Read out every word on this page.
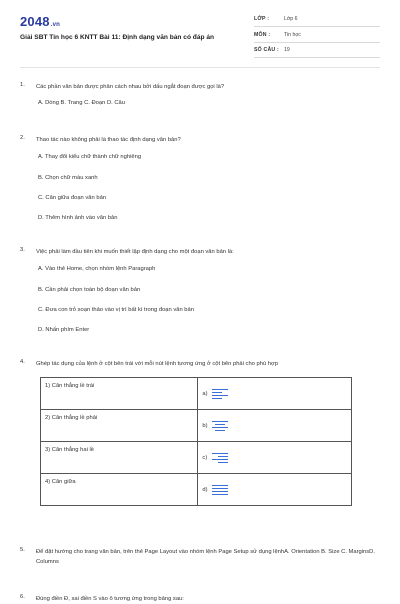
2048.vn
Giải SBT Tin học 6 KNTT Bài 11: Định dạng văn bản có đáp án
LỚP :	Lớp 6
MÔN :	Tin học
SỐ CÂU : 19
1. Các phần văn bản được phân cách nhau bởi dấu ngắt đoạn được gọi là?
A. Dòng B. Trang C. Đoạn D. Câu
2. Thao tác nào không phải là thao tác định dạng văn bản?
A. Thay đổi kiểu chữ thành chữ nghiêng
B. Chọn chữ màu xanh
C. Căn giữa đoạn văn bản
D. Thêm hình ảnh vào văn bản
3. Việc phải làm đầu tiên khi muốn thiết lập định dạng cho một đoạn văn bản là:
A. Vào thẻ Home, chọn nhóm lệnh Paragraph
B. Cần phải chọn toàn bộ đoạn văn bản
C. Đưa con trỏ soạn thảo vào vị trí bất kì trong đoạn văn bản
D. Nhấn phím Enter
4. Ghép tác dụng của lệnh ở cột bên trái với mỗi nút lệnh tương ứng ở cột bên phải cho phù hợp
1) Căn thẳng lề trái	a)

2) Căn thẳng lề phải	b)

3) Căn thẳng hai lề	c)

4) Căn giữa	d)
5. Để đặt hướng cho trang văn bản, trên thẻ Page Layout vào nhóm lệnh Page Setup sử dụng lệnhA. Orientation B. Size C. MarginsD. Columns
6. Đúng điền Đ, sai điền S vào ô tương ứng trong bảng sau:
